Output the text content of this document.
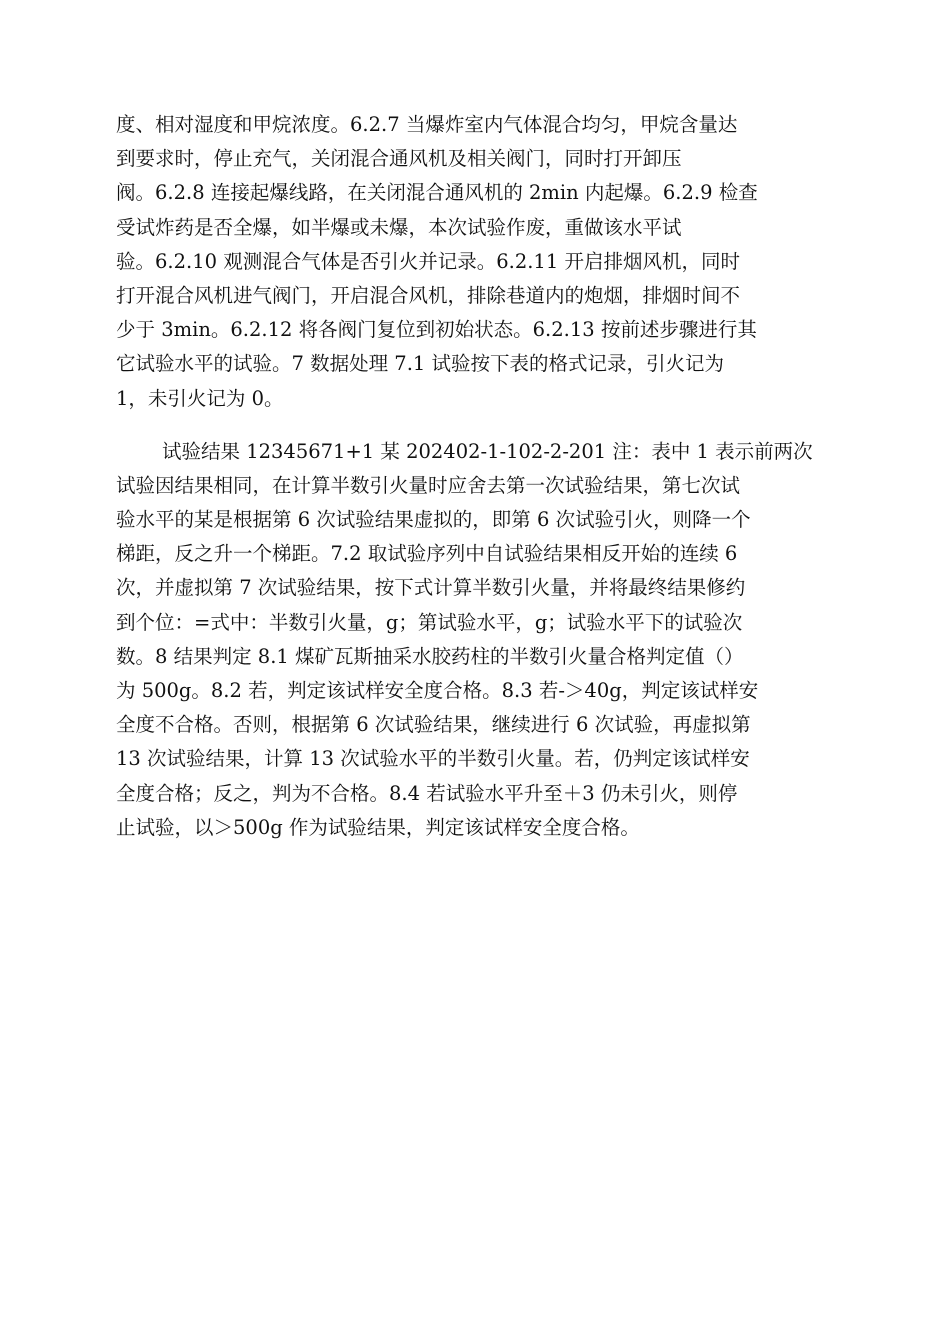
度、相对湿度和甲烷浓度。6.2.7 当爆炸室内气体混合均匀，甲烷含量达
到要求时，停止充气，关闭混合通风机及相关阀门，同时打开卸压
阀。6.2.8 连接起爆线路，在关闭混合通风机的 2min 内起爆。6.2.9 检查
受试炸药是否全爆，如半爆或未爆，本次试验作废，重做该水平试
验。6.2.10 观测混合气体是否引火并记录。6.2.11 开启排烟风机，同时
打开混合风机进气阀门，开启混合风机，排除巷道内的炮烟，排烟时间不
少于 3min。6.2.12 将各阀门复位到初始状态。6.2.13 按前述步骤进行其
它试验水平的试验。7 数据处理 7.1 试验按下表的格式记录，引火记为
1，未引火记为 0。
试验结果 12345671+1 某 202402-1-102-2-201 注：表中 1 表示前两次
试验因结果相同，在计算半数引火量时应舍去第一次试验结果，第七次试
验水平的某是根据第 6 次试验结果虚拟的，即第 6 次试验引火，则降一个
梯距，反之升一个梯距。7.2 取试验序列中自试验结果相反开始的连续 6
次，并虚拟第 7 次试验结果，按下式计算半数引火量，并将最终结果修约
到个位：=式中：半数引火量，g；第试验水平，g；试验水平下的试验次
数。8 结果判定 8.1 煤矿瓦斯抽采水胶药柱的半数引火量合格判定值（）
为 500g。8.2 若，判定该试样安全度合格。8.3 若-＞40g，判定该试样安
全度不合格。否则，根据第 6 次试验结果，继续进行 6 次试验，再虚拟第
13 次试验结果，计算 13 次试验水平的半数引火量。若，仍判定该试样安
全度合格；反之，判为不合格。8.4 若试验水平升至＋3 仍未引火，则停
止试验，以＞500g 作为试验结果，判定该试样安全度合格。
